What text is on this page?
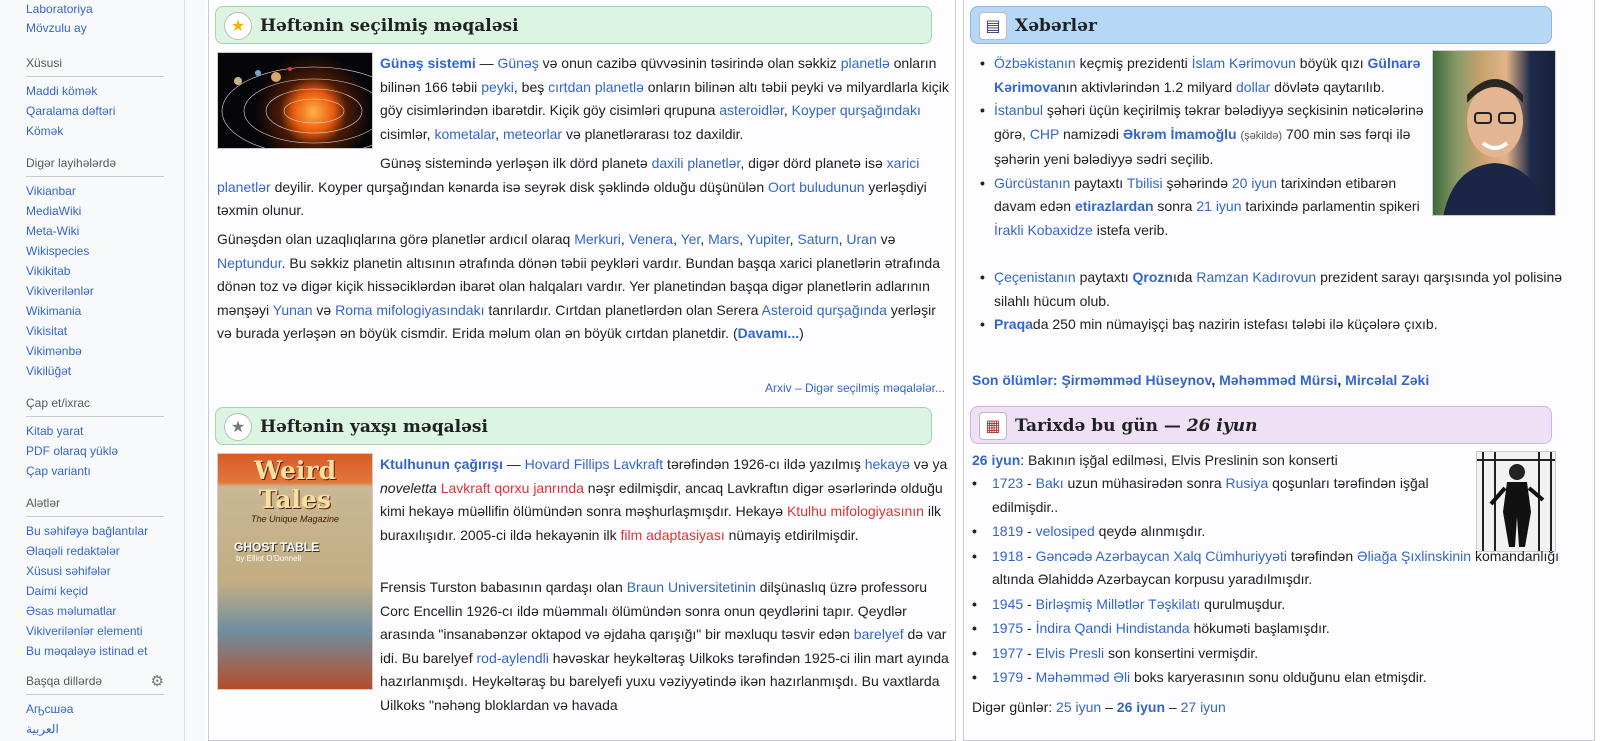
Laboratoriya
Mövzulu ay
Xüsusi
Maddi kömək
Qaralama dəftəri
Kömək
Digər layihələrdə
Vikianbar
MediaWiki
Meta-Wiki
Wikispecies
Vikikitab
Vikiverilənlər
Wikimania
Vikisitat
Vikimənbə
Vikilüğət
Çap et/ixrac
Kitab yarat
PDF olaraq yüklə
Çap variantı
Alətlər
Bu səhifəyə bağlantılar
Əlaqəli redaktələr
Xüsusi səhifələr
Daimi keçid
Əsas məlumatlar
Vikiverilənlər elementi
Bu məqaləyə istinad et
Başqa dillərdə	⚙
Аҧсшәа
العربية
★ Həftənin seçilmiş məqaləsi

Günəş sistemi — Günəş və onun cazibə qüvvəsinin təsirində olan səkkiz planetlə onların bilinən 166 təbii peyki, beş cırtdan planetlə onların bilinən altı təbii peyki və milyardlarla kiçik göy cisimlərindən ibarətdir. Kiçik göy cisimləri qrupuna asteroidlər, Koyper qurşağındakı cisimlər, kometalar, meteorlar və planetlərarası toz daxildir.

Günəş sistemində yerləşən ilk dörd planetə daxili planetlər, digər dörd planetə isə xarici planetlər deyilir. Koyper qurşağından kənarda isə seyrək disk şəklində olduğu düşünülən Oort buludunun yerləşdiyi təxmin olunur.

Günəşdən olan uzaqlıqlarına görə planetlər ardıcıl olaraq Merkuri, Venera, Yer, Mars, Yupiter, Saturn, Uran və Neptundur. Bu səkkiz planetin altısının ətrafında dönən təbii peykləri vardır. Bundan başqa xarici planetlərin ətrafında dönən toz və digər kiçik hissəciklərdən ibarət olan halqaları vardır. Yer planetindən başqa digər planetlərin adlarının mənşəyi Yunan və Roma mifologiyasındakı tanrılardır. Cırtdan planetlərdən olan Serera Asteroid qurşağında yerləşir və burada yerləşən ən böyük cismdir. Erida məlum olan ən böyük cırtdan planetdir. (Davamı...)

Arxiv – Digər seçilmiş məqalələr...
★ Həftənin yaxşı məqaləsi
Weird Tales
The Unique Magazine
GHOST TABLE
by Elliot O'Donnell

Ktulhunun çağırışı — Hovard Fillips Lavkraft tərəfindən 1926-cı ildə yazılmış hekayə və ya noveletta Lavkraft qorxu janrında nəşr edilmişdir, ancaq Lavkraftın digər əsərlərində olduğu kimi hekayə müəllifin ölümündən sonra məşhurlaşmışdır. Hekayə Ktulhu mifologiyasının ilk buraxılışıdır. 2005-ci ildə hekayənin ilk film adaptasiyası nümayiş etdirilmişdir.

Frensis Turston babasının qardaşı olan Braun Universitetinin dilşünaslıq üzrə professoru Corc Encellin 1926-cı ildə müəmmalı ölümündən sonra onun qeydlərini tapır. Qeydlər arasında "insanabənzər oktapod və əjdaha qarışığı" bir məxluqu təsvir edən barelyef də var idi. Bu barelyef rod-aylendli həvəskar heykəltəraş Uilkoks tərəfindən 1925-ci ilin mart ayında hazırlanmışdı. Heykəltəraş bu barelyefi yuxu vəziyyətində ikən hazırlanmışdı. Bu vaxtlarda Uilkoks "nəhəng bloklardan və havada

▤ Xəbərlər
• Özbəkistanın keçmiş prezidenti İslam Kərimovun böyük qızı Gülnarə Kərimovanın aktivlərindən 1.2 milyard dollar dövlətə qaytarılıb.
• İstanbul şəhəri üçün keçirilmiş təkrar bələdiyyə seçkisinin nəticələrinə görə, CHP namizədi Əkrəm İmamoğlu (şəkildə) 700 min səs fərqi ilə şəhərin yeni bələdiyyə sədri seçilib.
• Gürcüstanın paytaxtı Tbilisi şəhərində 20 iyun tarixindən etibarən davam edən etirazlardan sonra 21 iyun tarixində parlamentin spikeri İrakli Kobaxidze istefa verib.
• Çeçenistanın paytaxtı Qroznıda Ramzan Kadırovun prezident sarayı qarşısında yol polisinə silahlı hücum olub.
• Praqada 250 min nümayişçi baş nazirin istefası tələbi ilə küçələrə çıxıb.
Son ölümlər: Şirməmməd Hüseynov, Məhəmməd Mürsi, Mircəlal Zəki
▦ Tarixdə bu gün — 26 iyun
26 iyun: Bakının işğal edilməsi, Elvis Preslinin son konserti
• 1723 - Bakı uzun mühasirədən sonra Rusiya qoşunları tərəfindən işğal edilmişdir..
• 1819 - velosiped qeydə alınmışdır.
• 1918 - Gəncədə Azərbaycan Xalq Cümhuriyyəti tərəfindən Əliağa Şıxlinskinin komandanlığı altında Əlahiddə Azərbaycan korpusu yaradılmışdır.
• 1945 - Birləşmiş Millətlər Təşkilatı qurulmuşdur.
• 1975 - İndira Qandi Hindistanda hökuməti başlamışdır.
• 1977 - Elvis Presli son konsertini vermişdir.
• 1979 - Məhəmməd Əli boks karyerasının sonu olduğunu elan etmişdir.
Digər günlər: 25 iyun – 26 iyun – 27 iyun
